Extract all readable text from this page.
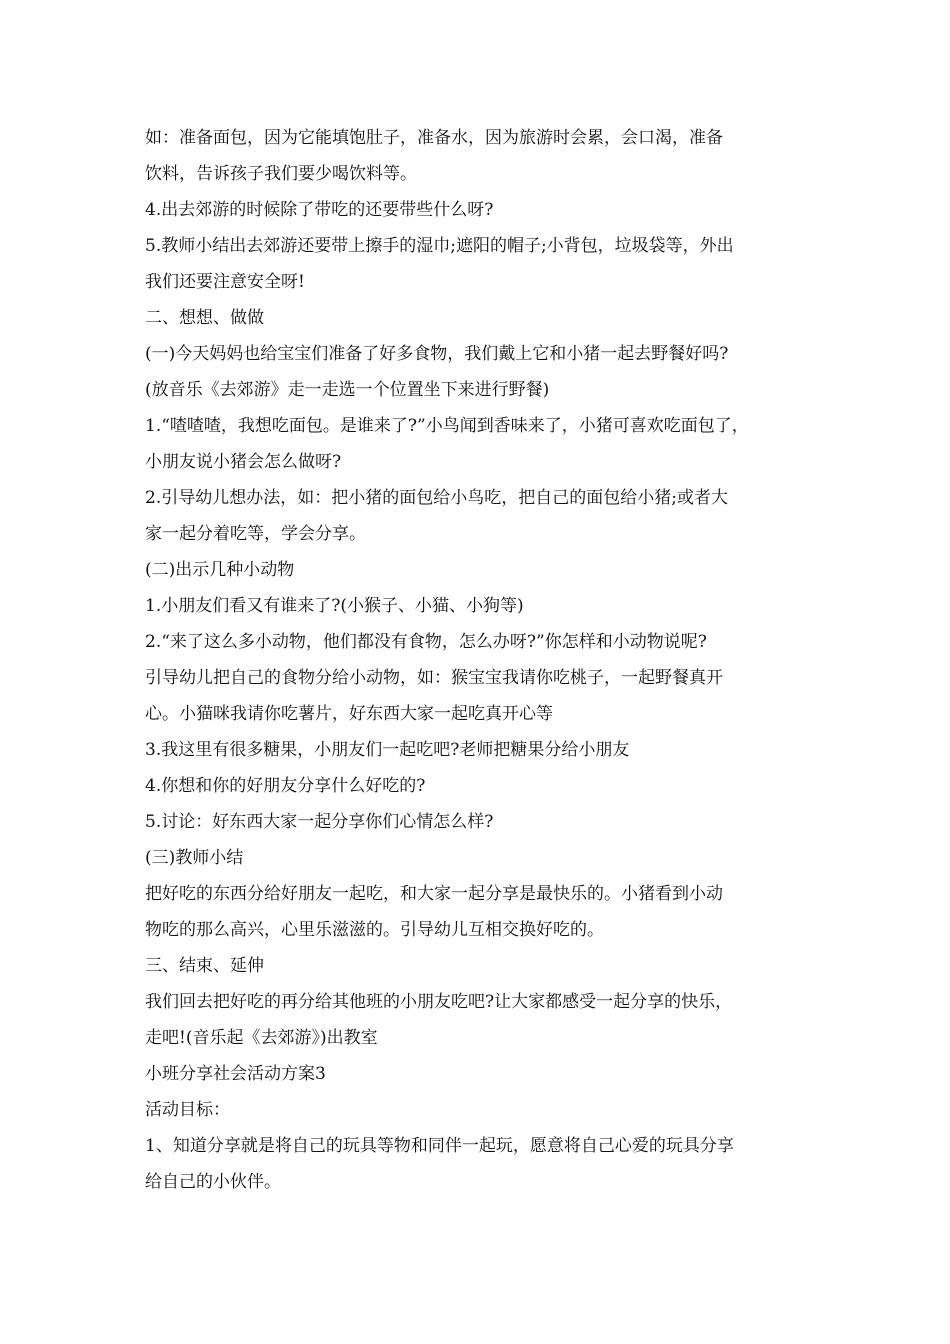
如：准备面包，因为它能填饱肚子，准备水，因为旅游时会累，会口渴，准备
饮料，告诉孩子我们要少喝饮料等。
4.出去郊游的时候除了带吃的还要带些什么呀?
5.教师小结出去郊游还要带上擦手的湿巾;遮阳的帽子;小背包，垃圾袋等，外出
我们还要注意安全呀!
二、想想、做做
(一)今天妈妈也给宝宝们准备了好多食物，我们戴上它和小猪一起去野餐好吗?
(放音乐《去郊游》走一走选一个位置坐下来进行野餐)
1.“喳喳喳，我想吃面包。是谁来了?”小鸟闻到香味来了，小猪可喜欢吃面包了，
小朋友说小猪会怎么做呀?
2.引导幼儿想办法，如：把小猪的面包给小鸟吃，把自己的面包给小猪;或者大
家一起分着吃等，学会分享。
(二)出示几种小动物
1.小朋友们看又有谁来了?(小猴子、小猫、小狗等)
2.“来了这么多小动物，他们都没有食物，怎么办呀?”你怎样和小动物说呢?
引导幼儿把自己的食物分给小动物，如：猴宝宝我请你吃桃子，一起野餐真开
心。小猫咪我请你吃薯片，好东西大家一起吃真开心等
3.我这里有很多糖果，小朋友们一起吃吧?老师把糖果分给小朋友
4.你想和你的好朋友分享什么好吃的?
5.讨论：好东西大家一起分享你们心情怎么样?
(三)教师小结
把好吃的东西分给好朋友一起吃，和大家一起分享是最快乐的。小猪看到小动
物吃的那么高兴，心里乐滋滋的。引导幼儿互相交换好吃的。
三、结束、延伸
我们回去把好吃的再分给其他班的小朋友吃吧?让大家都感受一起分享的快乐，
走吧!(音乐起《去郊游》)出教室
小班分享社会活动方案3
活动目标：
1、知道分享就是将自己的玩具等物和同伴一起玩，愿意将自己心爱的玩具分享
给自己的小伙伴。
